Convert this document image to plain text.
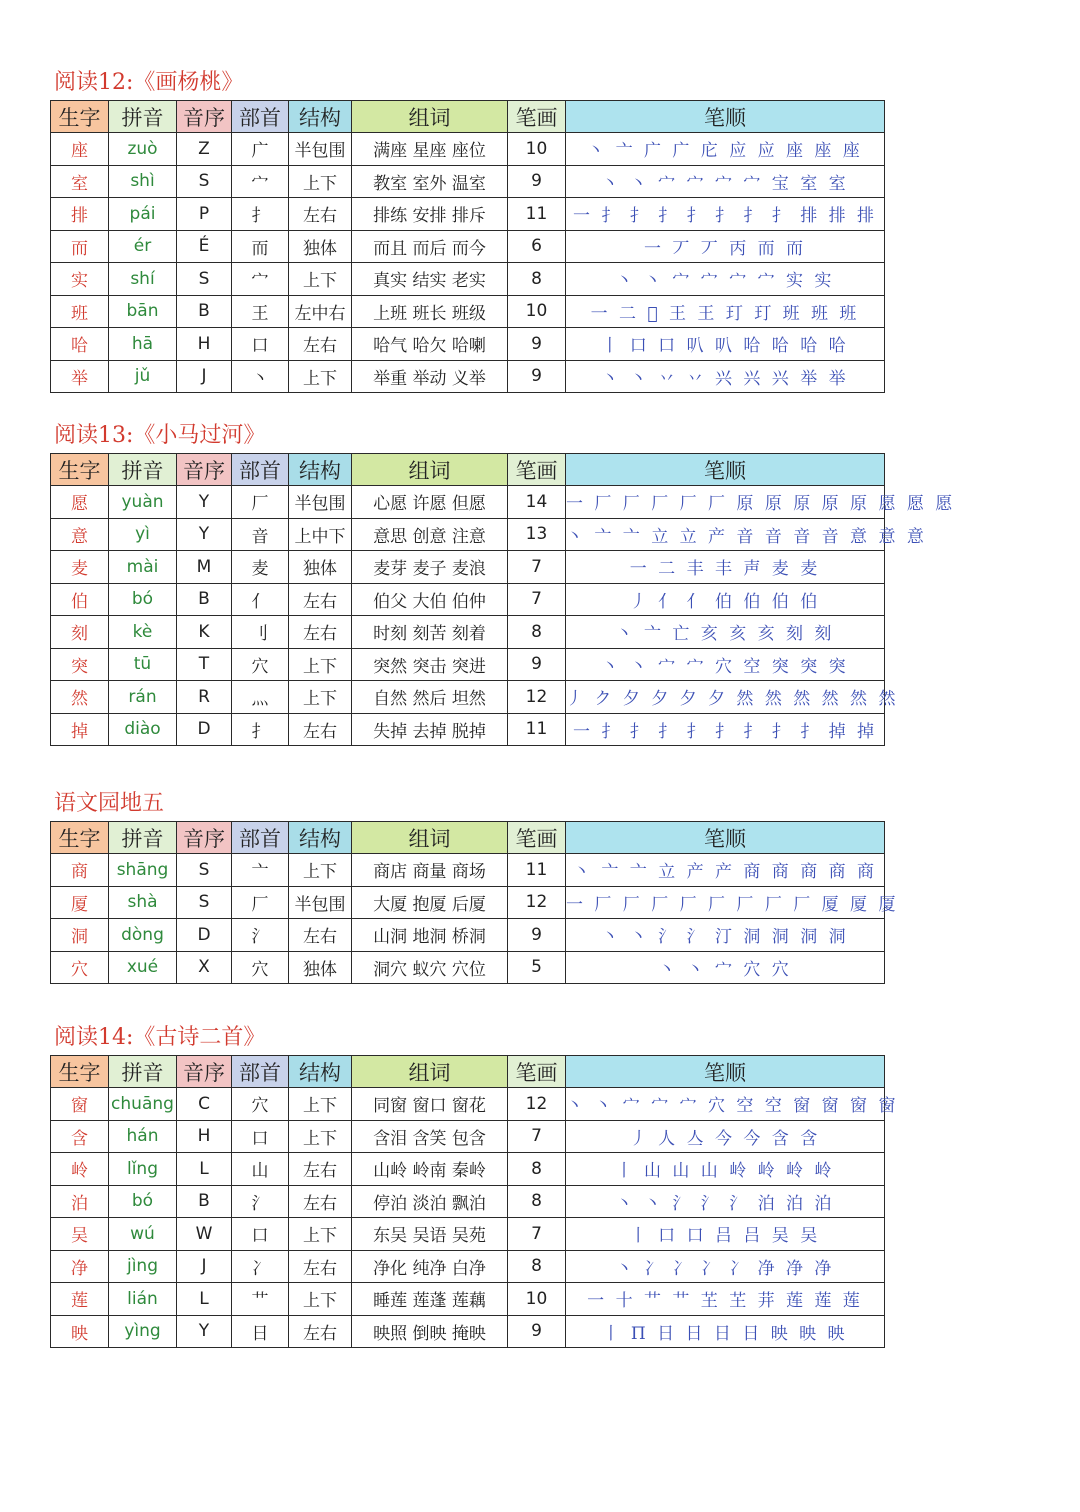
阅读12:《画杨桃》
生字	拼音	音序	部首	结构	组词	笔画	笔顺
座	zuò	Z	广	半包围	满座 星座 座位	10	丶 亠 广 广 庀 应 应 座 座 座
室	shì	S	宀	上下	教室 室外 温室	9	丶 丶 宀 宀 宀 宀 宝 室 室
排	pái	P	扌	左右	排练 安排 排斥	11	一 扌 扌 扌 扌 扌 扌 扌 排 排 排
而	ér	É	而	独体	而且 而后 而今	6	一 丆 丆 丙 而 而
实	shí	S	宀	上下	真实 结实 老实	8	丶 丶 宀 宀 宀 宀 实 实
班	bān	B	王	左中右	上班 班长 班级	10	一 二 𠀆 王 王 玎 玎 班 班 班
哈	hā	H	口	左右	哈气 哈欠 哈喇	9	丨 口 口 叭 叭 哈 哈 哈 哈
举	jǔ	J	丶	上下	举重 举动 义举	9	丶 丶 丷 丷 兴 兴 兴 举 举
阅读13:《小马过河》
生字	拼音	音序	部首	结构	组词	笔画	笔顺
愿	yuàn	Y	厂	半包围	心愿 许愿 但愿	14	一 厂 厂 厂 厂 厂 原 原 原 原 原 愿 愿 愿
意	yì	Y	音	上中下	意思 创意 注意	13	丶 亠 亠 立 立 产 音 音 音 音 意 意 意
麦	mài	M	麦	独体	麦芽 麦子 麦浪	7	一 二 丰 丰 声 麦 麦
伯	bó	B	亻	左右	伯父 大伯 伯仲	7	丿 亻 亻 伯 伯 伯 伯
刻	kè	K	刂	左右	时刻 刻苦 刻着	8	丶 亠 亡 亥 亥 亥 刻 刻
突	tū	T	穴	上下	突然 突击 突进	9	丶 丶 宀 宀 穴 空 突 突 突
然	rán	R	灬	上下	自然 然后 坦然	12	丿 ク 夕 夕 夕 夕 然 然 然 然 然 然
掉	diào	D	扌	左右	失掉 去掉 脱掉	11	一 扌 扌 扌 扌 扌 扌 扌 扌 掉 掉
语文园地五
生字	拼音	音序	部首	结构	组词	笔画	笔顺
商	shāng	S	亠	上下	商店 商量 商场	11	丶 亠 亠 立 产 产 商 商 商 商 商
厦	shà	S	厂	半包围	大厦 抱厦 后厦	12	一 厂 厂 厂 厂 厂 厂 厂 厂 厦 厦 厦
洞	dòng	D	氵	左右	山洞 地洞 桥洞	9	丶 丶 氵 氵 汀 洞 洞 洞 洞
穴	xué	X	穴	独体	洞穴 蚁穴 穴位	5	丶 丶 宀 穴 穴
阅读14:《古诗二首》
生字	拼音	音序	部首	结构	组词	笔画	笔顺
窗	chuāng	C	穴	上下	同窗 窗口 窗花	12	丶 丶 宀 宀 宀 穴 空 空 窗 窗 窗 窗
含	hán	H	口	上下	含泪 含笑 包含	7	丿 人 亼 今 今 含 含
岭	lǐng	L	山	左右	山岭 岭南 秦岭	8	丨 山 山 山 岭 岭 岭 岭
泊	bó	B	氵	左右	停泊 淡泊 飘泊	8	丶 丶 氵 氵 氵 泊 泊 泊
吴	wú	W	口	上下	东吴 吴语 吴苑	7	丨 口 口 吕 吕 吴 吴
净	jìng	J	冫	左右	净化 纯净 白净	8	丶 冫 冫 冫 冫 净 净 净
莲	lián	L	艹	上下	睡莲 莲蓬 莲藕	10	一 十 艹 艹 芏 芏 茾 莲 莲 莲
映	yìng	Y	日	左右	映照 倒映 掩映	9	丨 Π 日 日 日 日 映 映 映
